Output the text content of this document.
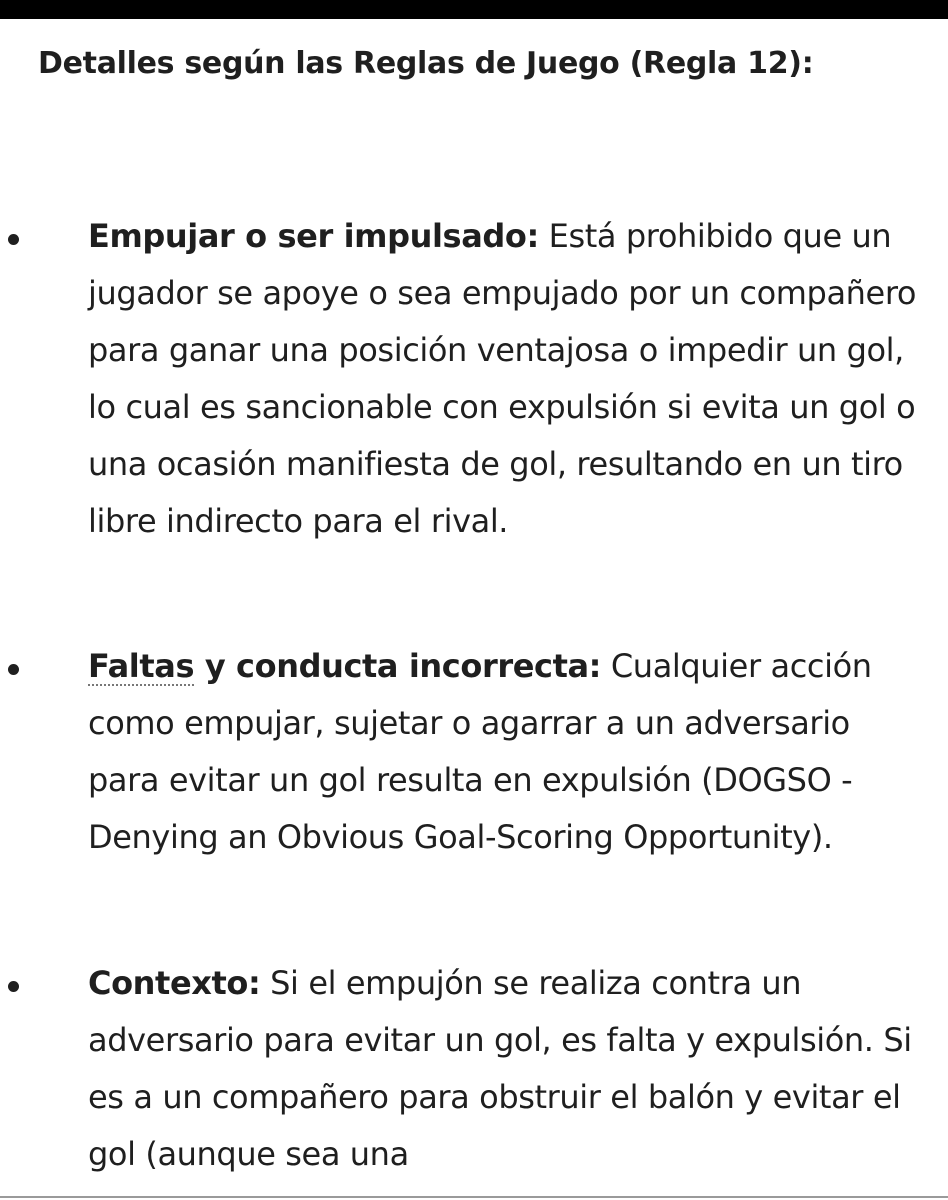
Detalles según las Reglas de Juego (Regla 12):
Empujar o ser impulsado: Está prohibido que un jugador se apoye o sea empujado por un compañero para ganar una posición ventajosa o impedir un gol, lo cual es sancionable con expulsión si evita un gol o una ocasión manifiesta de gol, resultando en un tiro libre indirecto para el rival.
Faltas y conducta incorrecta: Cualquier acción como empujar, sujetar o agarrar a un adversario para evitar un gol resulta en expulsión (DOGSO - Denying an Obvious Goal-Scoring Opportunity).
Contexto: Si el empujón se realiza contra un adversario para evitar un gol, es falta y expulsión. Si es a un compañero para obstruir el balón y evitar el gol (aunque sea una
